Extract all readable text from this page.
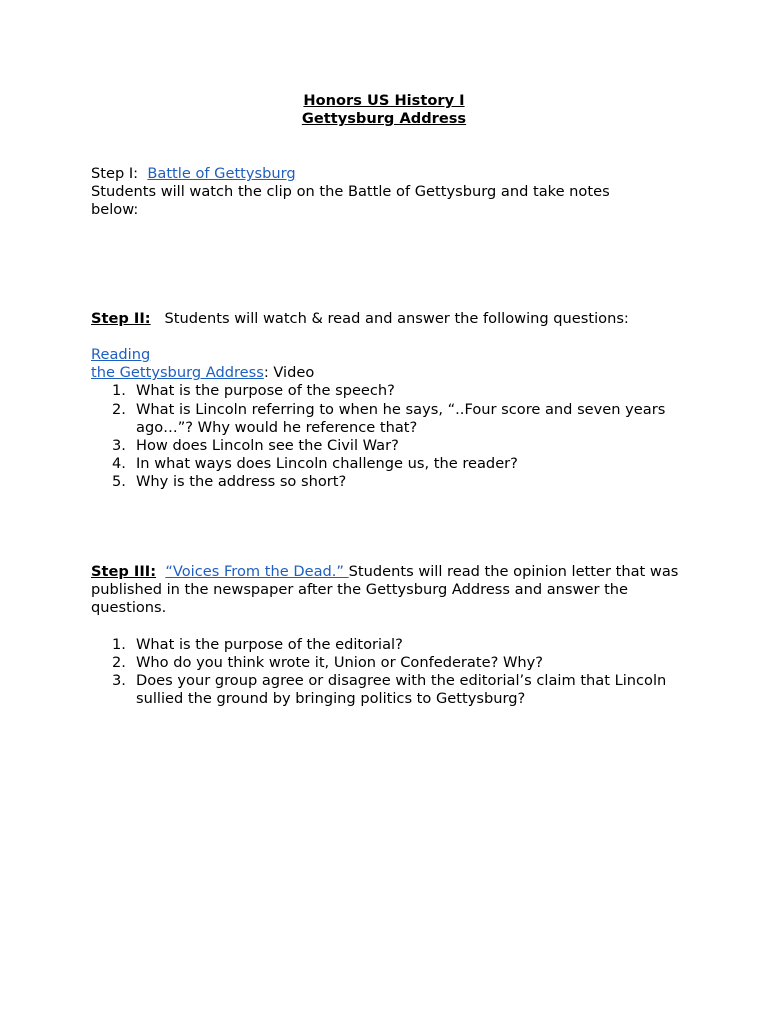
Honors US History I
Gettysburg Address
Step I: Battle of Gettysburg
Students will watch the clip on the Battle of Gettysburg and take notes below:
Step II: Students will watch & read and answer the following questions:
Reading
the Gettysburg Address: Video
1. What is the purpose of the speech?
2. What is Lincoln referring to when he says, “..Four score and seven years ago…”? Why would he reference that?
3. How does Lincoln see the Civil War?
4. In what ways does Lincoln challenge us, the reader?
5. Why is the address so short?
Step III: “Voices From the Dead.” Students will read the opinion letter that was published in the newspaper after the Gettysburg Address and answer the questions.
1. What is the purpose of the editorial?
2. Who do you think wrote it, Union or Confederate? Why?
3. Does your group agree or disagree with the editorial’s claim that Lincoln sullied the ground by bringing politics to Gettysburg?
